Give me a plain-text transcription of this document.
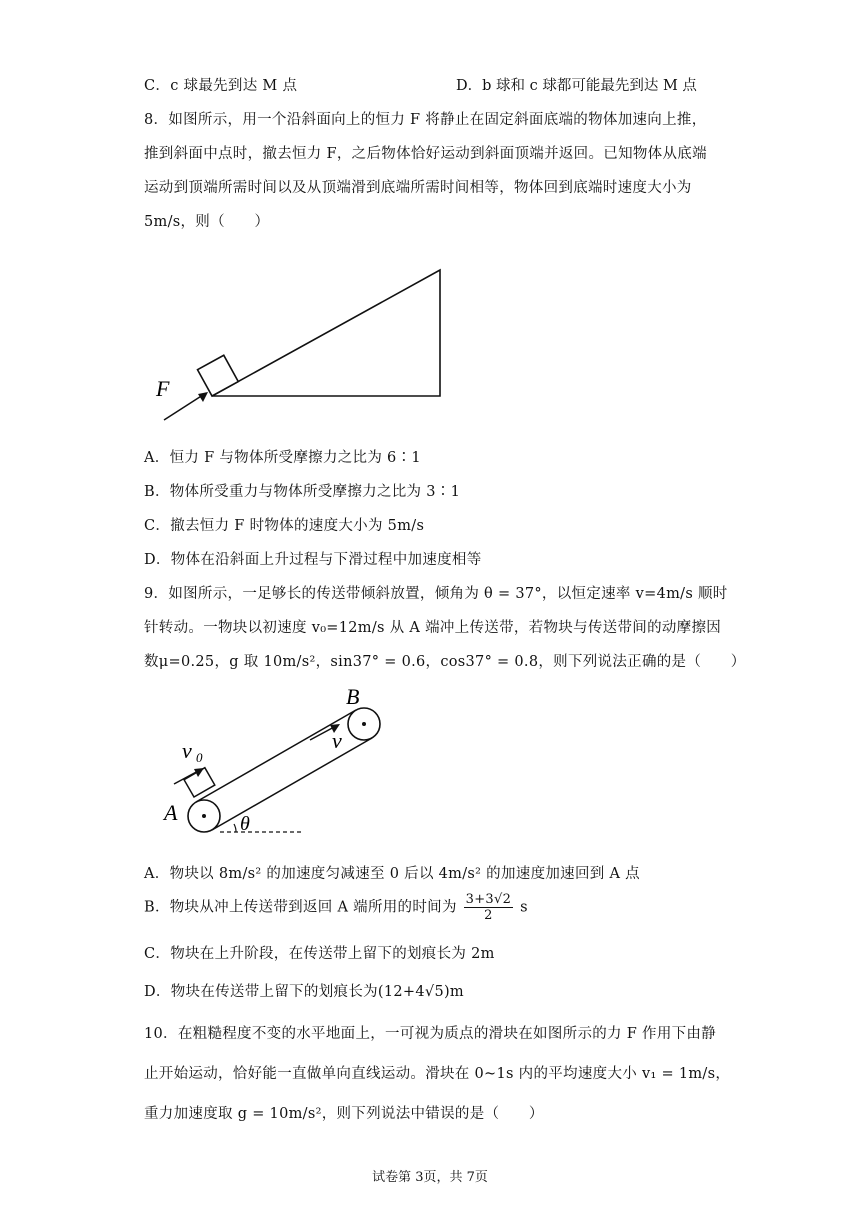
C．c 球最先到达 M 点	D．b 球和 c 球都可能最先到达 M 点
8．如图所示，用一个沿斜面向上的恒力 F 将静止在固定斜面底端的物体加速向上推，
推到斜面中点时，撤去恒力 F，之后物体恰好运动到斜面顶端并返回。已知物体从底端
运动到顶端所需时间以及从顶端滑到底端所需时间相等，物体回到底端时速度大小为
5m/s，则（　　）
F
A．恒力 F 与物体所受摩擦力之比为 6∶1
B．物体所受重力与物体所受摩擦力之比为 3∶1
C．撤去恒力 F 时物体的速度大小为 5m/s
D．物体在沿斜面上升过程与下滑过程中加速度相等
9．如图所示，一足够长的传送带倾斜放置，倾角为 θ = 37°，以恒定速率 v=4m/s 顺时
针转动。一物块以初速度 v₀=12m/s 从 A 端冲上传送带，若物块与传送带间的动摩擦因
数μ=0.25，g 取 10m/s²，sin37° = 0.6，cos37° = 0.8，则下列说法正确的是（　　）
B
A
v
v 0
θ
A．物块以 8m/s² 的加速度匀减速至 0 后以 4m/s² 的加速度加速回到 A 点
B．物块从冲上传送带到返回 A 端所用的时间为 $\frac{3+3√2}{2}$ s
C．物块在上升阶段，在传送带上留下的划痕长为 2m
D．物块在传送带上留下的划痕长为(12+4√5)m
10．在粗糙程度不变的水平地面上，一可视为质点的滑块在如图所示的力 F 作用下由静
止开始运动，恰好能一直做单向直线运动。滑块在 0~1s 内的平均速度大小 v₁ = 1m/s，
重力加速度取 g = 10m/s²，则下列说法中错误的是（　　）
试卷第 3页，共 7页
